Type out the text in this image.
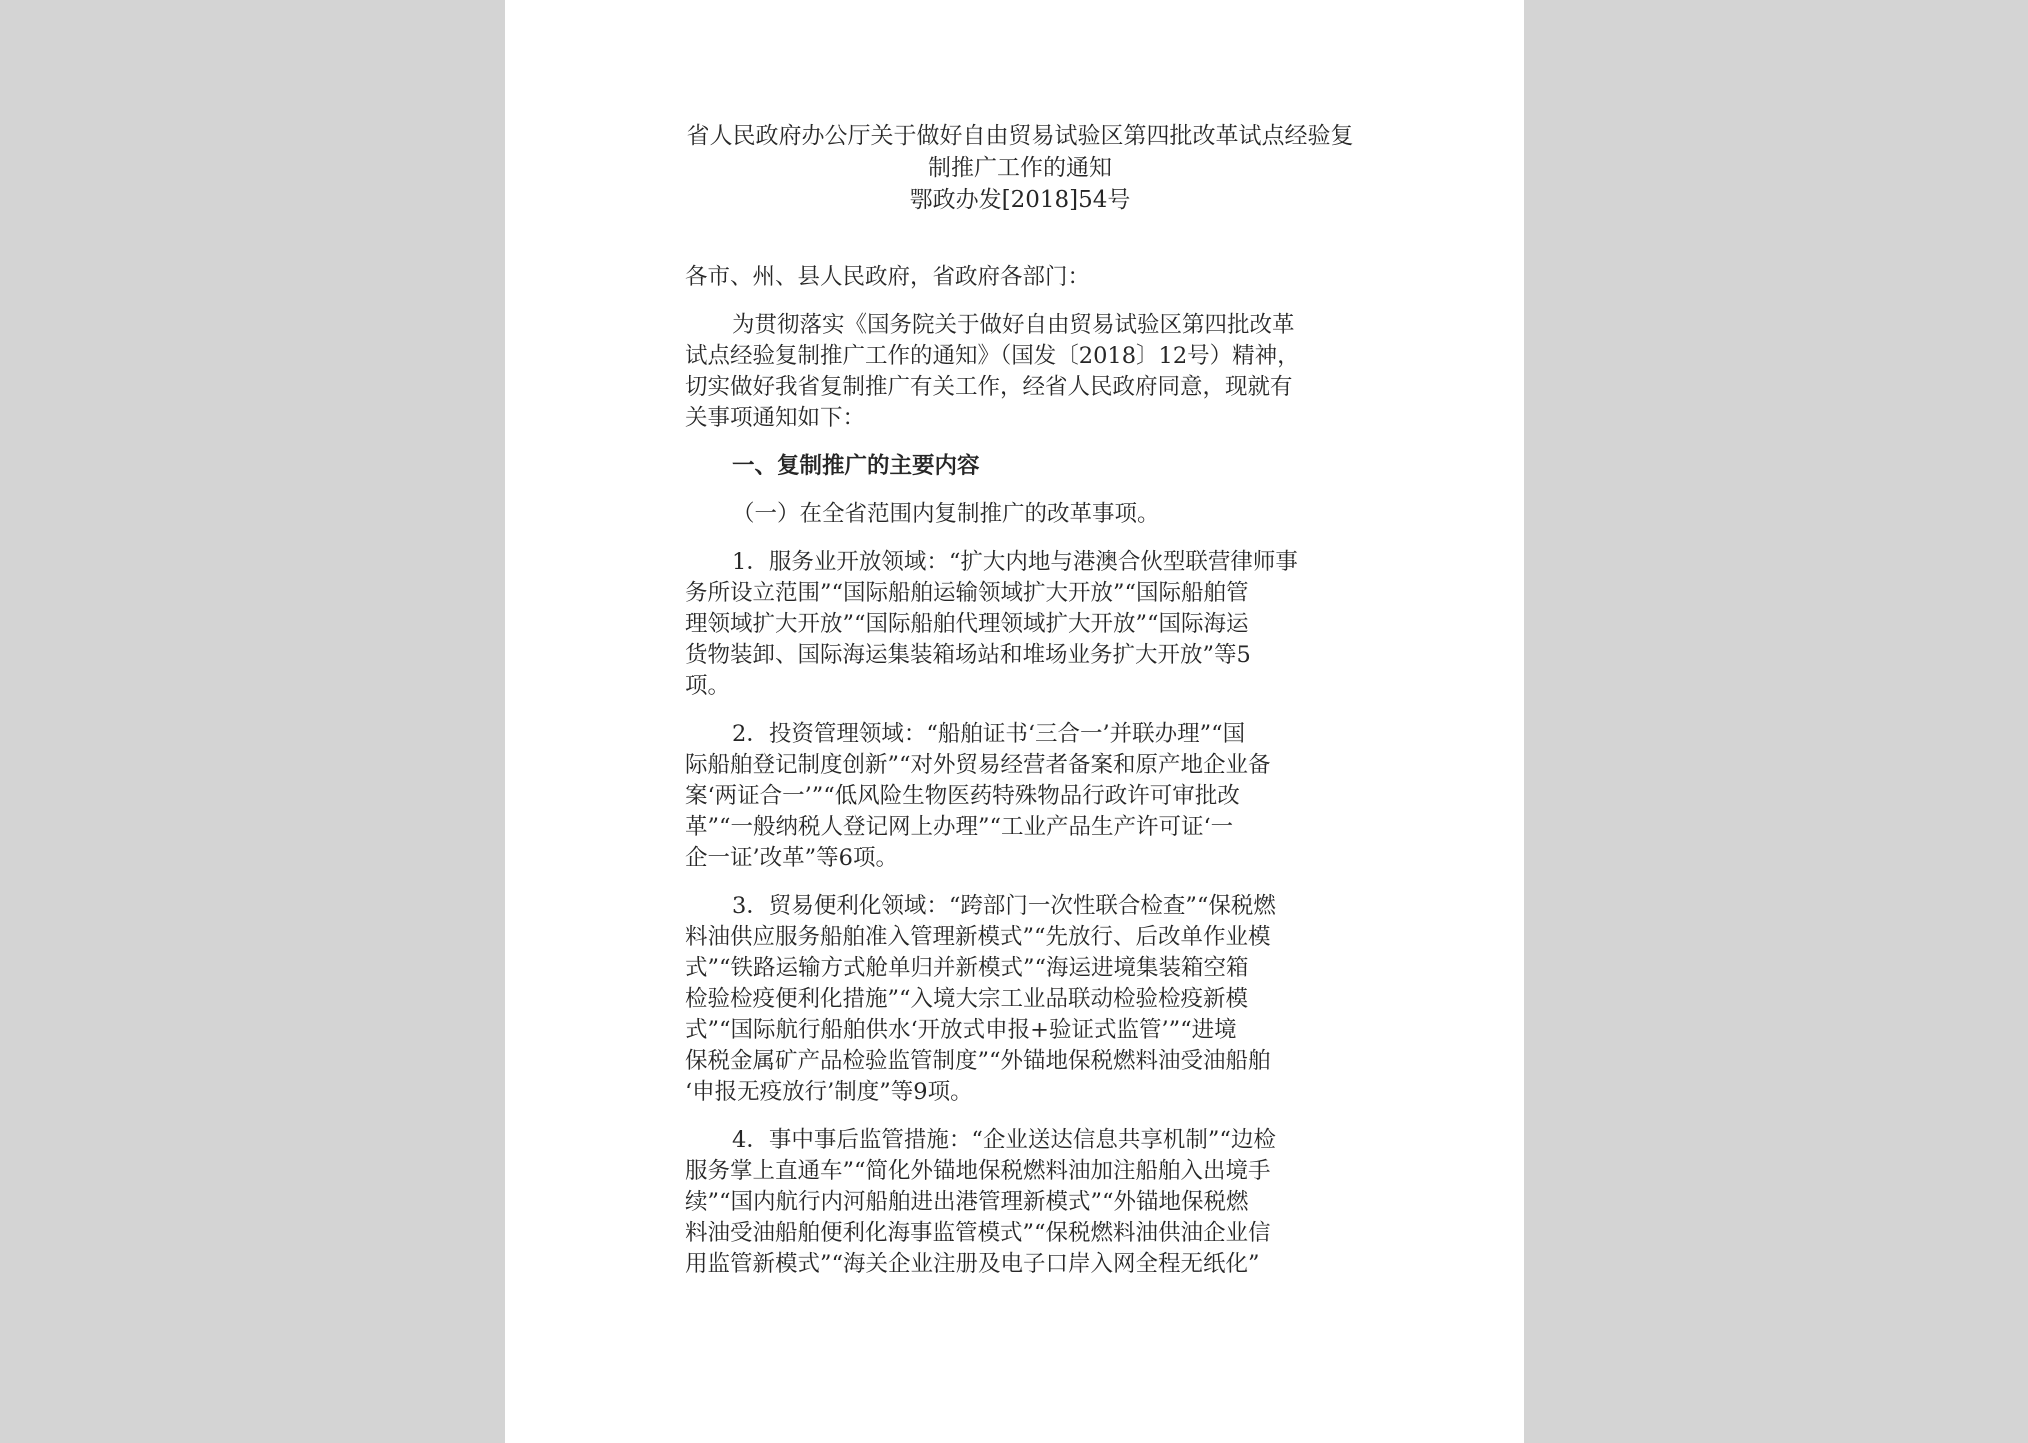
省人民政府办公厅关于做好自由贸易试验区第四批改革试点经验复
制推广工作的通知
鄂政办发[2018]54号

各市、州、县人民政府，省政府各部门：

为贯彻落实《国务院关于做好自由贸易试验区第四批改革
试点经验复制推广工作的通知》（国发〔2018〕12号）精神，
切实做好我省复制推广有关工作，经省人民政府同意，现就有
关事项通知如下：

一、复制推广的主要内容

（一）在全省范围内复制推广的改革事项。

1．服务业开放领域：“扩大内地与港澳合伙型联营律师事
务所设立范围”“国际船舶运输领域扩大开放”“国际船舶管
理领域扩大开放”“国际船舶代理领域扩大开放”“国际海运
货物装卸、国际海运集装箱场站和堆场业务扩大开放”等5
项。

2．投资管理领域：“船舶证书‘三合一’并联办理”“国
际船舶登记制度创新”“对外贸易经营者备案和原产地企业备
案‘两证合一’”“低风险生物医药特殊物品行政许可审批改
革”“一般纳税人登记网上办理”“工业产品生产许可证‘一
企一证’改革”等6项。

3．贸易便利化领域：“跨部门一次性联合检查”“保税燃
料油供应服务船舶准入管理新模式”“先放行、后改单作业模
式”“铁路运输方式舱单归并新模式”“海运进境集装箱空箱
检验检疫便利化措施”“入境大宗工业品联动检验检疫新模
式”“国际航行船舶供水‘开放式申报+验证式监管’”“进境
保税金属矿产品检验监管制度”“外锚地保税燃料油受油船舶
‘申报无疫放行’制度”等9项。

4．事中事后监管措施：“企业送达信息共享机制”“边检
服务掌上直通车”“简化外锚地保税燃料油加注船舶入出境手
续”“国内航行内河船舶进出港管理新模式”“外锚地保税燃
料油受油船舶便利化海事监管模式”“保税燃料油供油企业信
用监管新模式”“海关企业注册及电子口岸入网全程无纸化”
